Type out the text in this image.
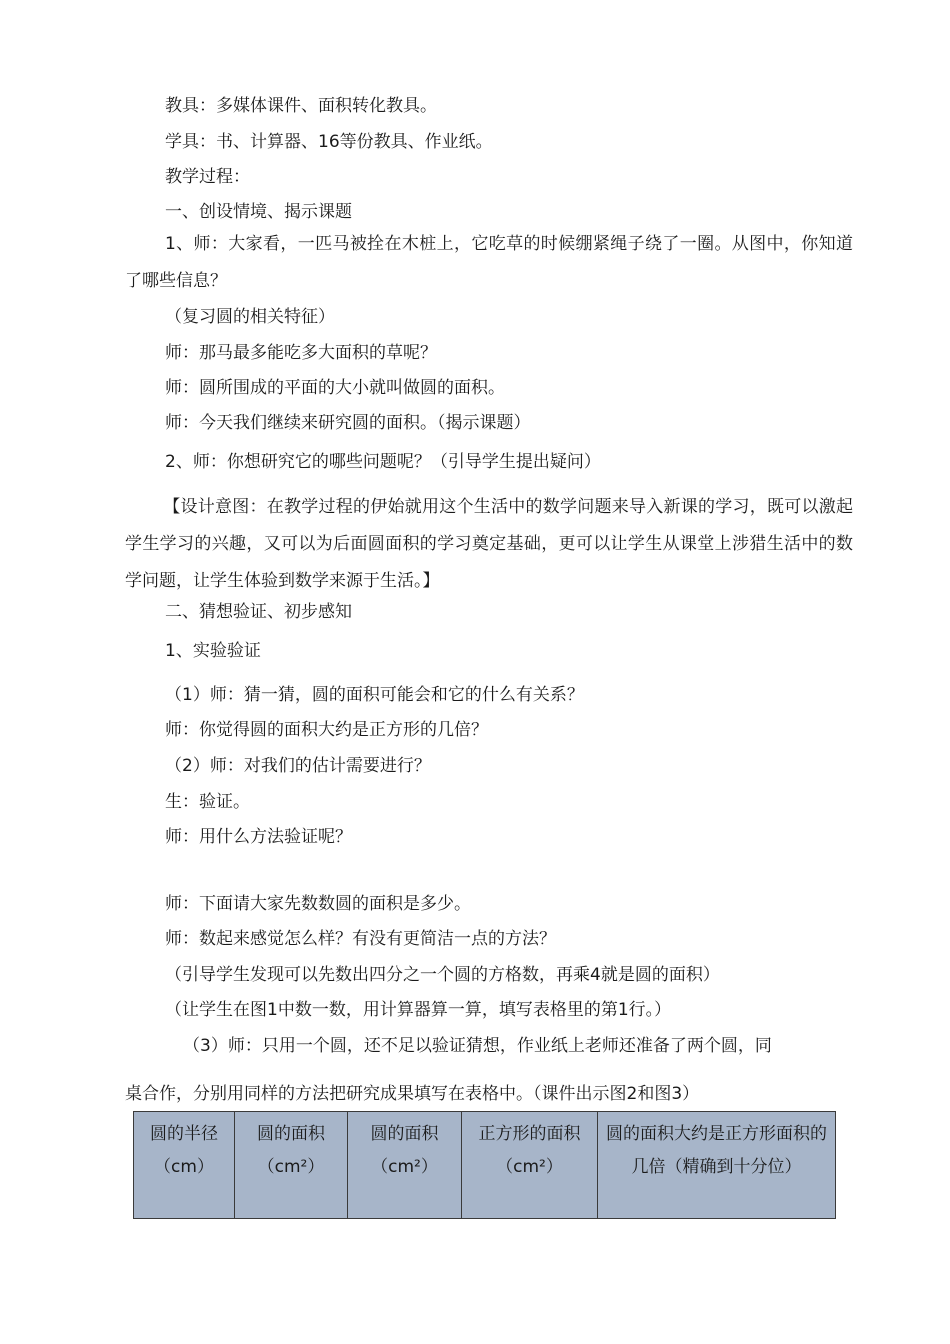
教具：多媒体课件、面积转化教具。
学具：书、计算器、16等份教具、作业纸。
教学过程：
一、创设情境、揭示课题
1、师：大家看，一匹马被拴在木桩上，它吃草的时候绷紧绳子绕了一圈。从图中，你知道了哪些信息？
（复习圆的相关特征）
师：那马最多能吃多大面积的草呢？
师：圆所围成的平面的大小就叫做圆的面积。
师：今天我们继续来研究圆的面积。（揭示课题）
2、师：你想研究它的哪些问题呢？（引导学生提出疑问）
【设计意图：在教学过程的伊始就用这个生活中的数学问题来导入新课的学习，既可以激起学生学习的兴趣，又可以为后面圆面积的学习奠定基础，更可以让学生从课堂上涉猎生活中的数学问题，让学生体验到数学来源于生活。】
二、猜想验证、初步感知
1、实验验证
（1）师：猜一猜，圆的面积可能会和它的什么有关系？
师：你觉得圆的面积大约是正方形的几倍？
（2）师：对我们的估计需要进行？
生：验证。
师：用什么方法验证呢？
师：下面请大家先数数圆的面积是多少。
师：数起来感觉怎么样？有没有更简洁一点的方法？
（引导学生发现可以先数出四分之一个圆的方格数，再乘4就是圆的面积）
（让学生在图1中数一数，用计算器算一算，填写表格里的第1行。）
（3）师：只用一个圆，还不足以验证猜想，作业纸上老师还准备了两个圆，同
桌合作，分别用同样的方法把研究成果填写在表格中。（课件出示图2和图3）
圆的半径（cm）	圆的面积（cm²）	圆的面积（cm²）	正方形的面积（cm²）	圆的面积大约是正方形面积的几倍（精确到十分位）
